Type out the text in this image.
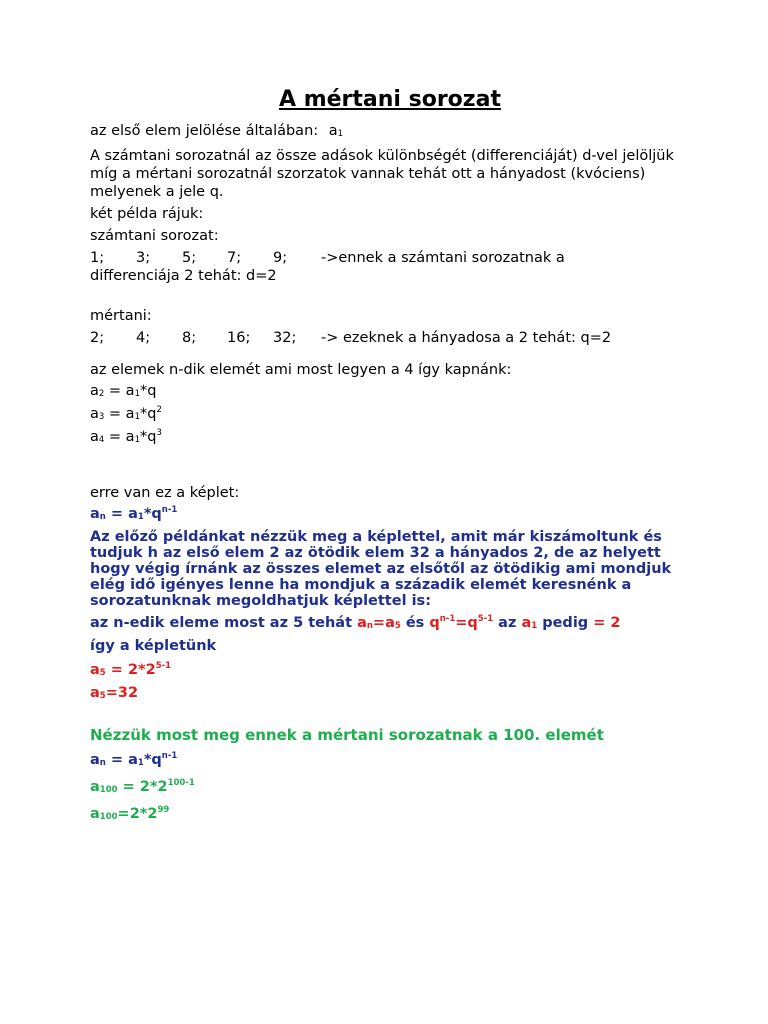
A mértani sorozat

az első elem jelölése általában: $a_1$

A számtani sorozatnál az össze adások különbségét (differenciáját) d-vel jelöljük míg a mértani sorozatnál szorzatok vannak tehát ott a hányadost (kvóciens) melyenek a jele q.

két példa rájuk:

számtani sorozat:

1;	3;	5;	7;	9;	->ennek a számtani sorozatnak a

differenciája 2 tehát: d=2

mértani:

2;	4;	8;	16;	32;	-> ezeknek a hányadosa a 2 tehát: q=2

az elemek n-dik elemét ami most legyen a 4 így kapnánk:

$a_2 = a_1*q$
$a_3 = a_1*q^2$
$a_4 = a_1*q^3$

erre van ez a képlet:

$a_n = a_1*q^{n-1}$

Az előző példánkat nézzük meg a képlettel, amit már kiszámoltunk és tudjuk h az első elem 2 az ötödik elem 32 a hányados 2, de az helyett hogy végig írnánk az összes elemet az elsőtől az ötödikig ami mondjuk elég idő igényes lenne ha mondjuk a századik elemét keresnénk a sorozatunknak megoldhatjuk képlettel is:

az n-edik eleme most az 5 tehát $a_n=a_5$ és $q^{n-1}=q^{5-1}$ az $a_1$ pedig = 2

így a képletünk

$a_5 = 2*2^{5-1}$
$a_5=32$

Nézzük most meg ennek a mértani sorozatnak a 100. elemét

$a_n = a_1*q^{n-1}$
$a_{100} = 2*2^{100-1}$
$a_{100}=2*2^{99}$
